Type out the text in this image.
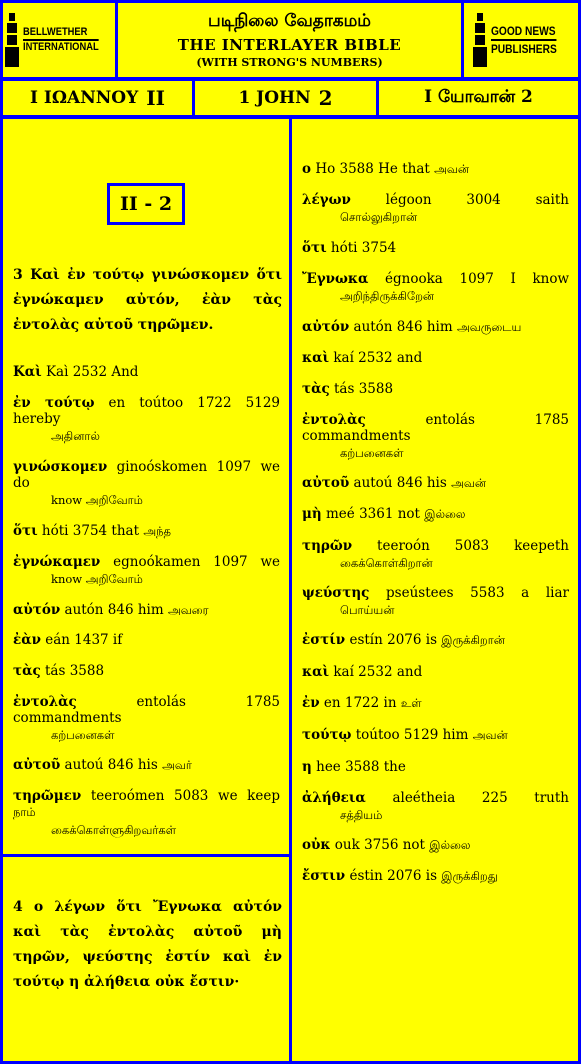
BELLWETHER
INTERNATIONAL
படிநிலை வேதாகமம்
THE INTERLAYER BIBLE
(WITH STRONG'S NUMBERS)
GOOD NEWS
PUBLISHERS
I ΙΩΑΝΝΟΥ II	1 JOHN 2	I யோவான் 2
II - 2
3 Καὶ ἐν τούτῳ γινώσκομεν ὅτι ἐγνώκαμεν αὐτόν, ἐὰν τὰς ἐντολὰς αὐτοῦ τηρῶμεν.
Καὶ Kaì 2532 And
ἐν τούτῳ en toútoo 1722 5129 hereby
அதினால்
γινώσκομεν ginoóskomen 1097 we do
know அறிவோம்
ὅτι hóti 3754 that அந்த
ἐγνώκαμεν egnoókamen 1097 we
know அறிவோம்
αὐτόν autón 846 him அவரை
ἐὰν eán 1437 if
τὰς tás 3588
ἐντολὰς	entolás 1785 commandments
கற்பனைகள்
αὐτοῦ autoú 846 his அவர்
τηρῶμεν teeroómen 5083 we keep நாம்
கைக்கொள்ளுகிறவர்கள்
4 ο λέγων ὅτι Ἔγνωκα αὐτόν καὶ τὰς ἐντολὰς αὐτοῦ μὴ τηρῶν, ψεύστης ἐστίν καὶ ἐν τούτῳ η ἀλήθεια οὐκ ἔστιν·
ο Ho 3588 He that அவன்
λέγων	légoon 3004 saith
சொல்லுகிறான்
ὅτι hóti 3754
Ἔγνωκα égnooka 1097 I know
அறிந்திருக்கிறேன்
αὐτόν autón 846 him அவருடைய
καὶ kaí 2532 and
τὰς tás 3588
ἐντολὰς	entolás 1785 commandments
கற்பனைகள்
αὐτοῦ autoú 846 his அவன்
μὴ meé 3361 not இல்லை
τηρῶν teeroón 5083 keepeth
கைக்கொள்கிறான்
ψεύστης pseústees 5583 a liar
பொய்யன்
ἐστίν estín 2076 is இருக்கிறான்
καὶ kaí 2532 and
ἐν en 1722 in உள்
τούτῳ toútoo 5129 him அவன்
η hee 3588 the
ἀλήθεια aleétheia 225 truth
சத்தியம்
οὐκ ouk 3756 not இல்லை
ἔστιν éstin 2076 is இருக்கிறது
